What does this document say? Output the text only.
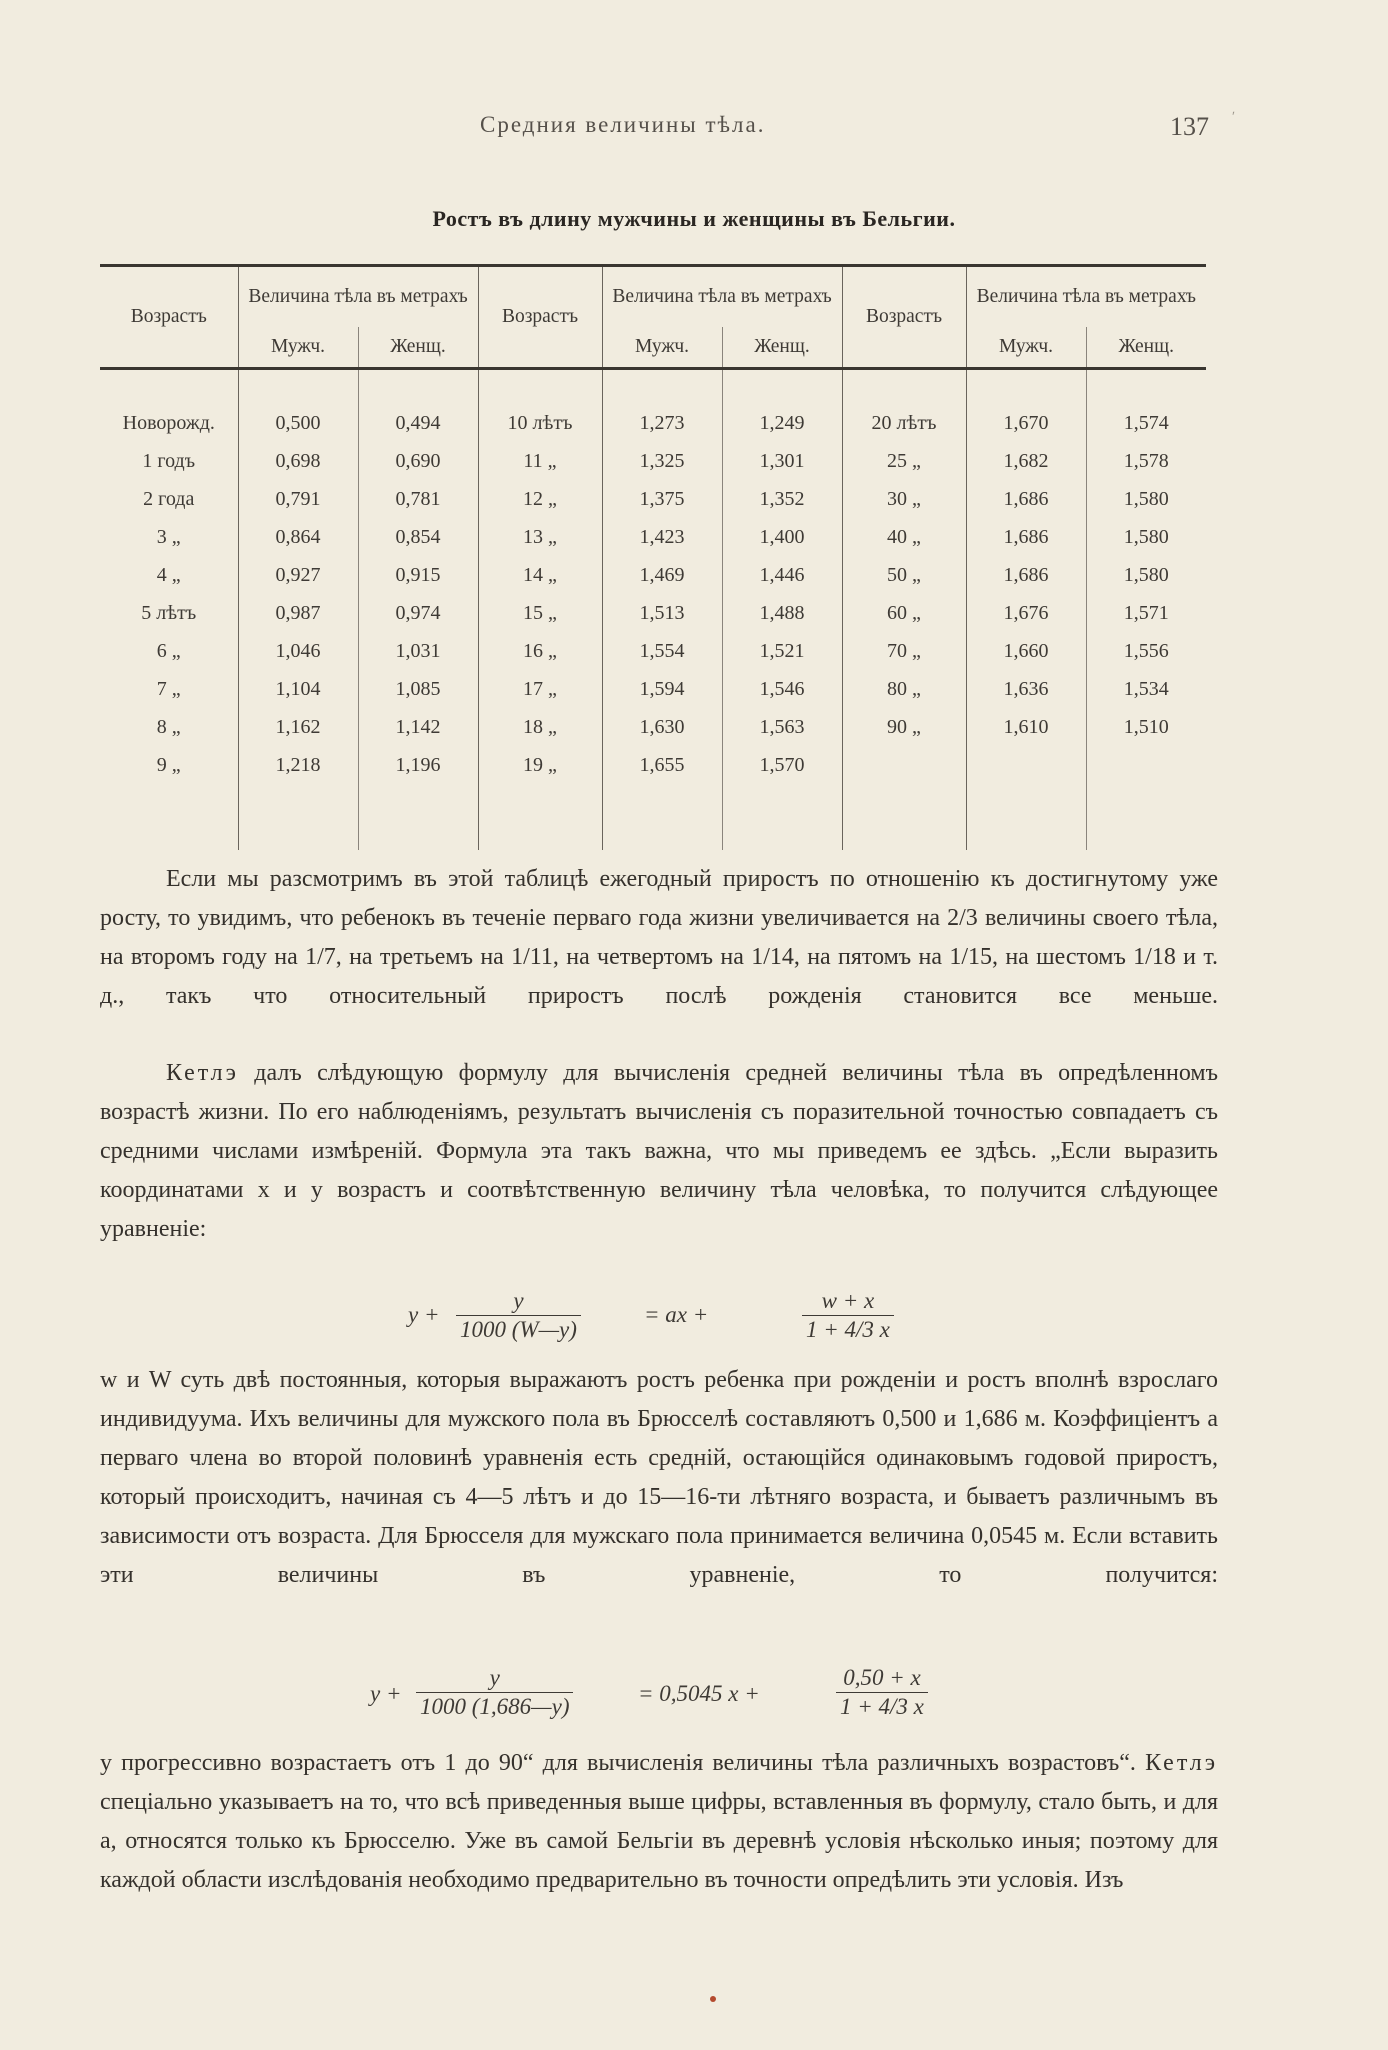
Средния величины тѣла.	137 ʹ
Ростъ въ длину мужчины и женщины въ Бельгии.
Возрастъ	Величина тѣла въ метрахъ		Возрастъ	Величина тѣла въ метрахъ		Возрастъ	Величина тѣла въ метрахъ	
	Мужч.	Женщ.		Мужч.	Женщ.		Мужч.	Женщ.
Новорожд.	0,500	0,494	10 лѣтъ	1,273	1,249	20 лѣтъ	1,670	1,574
1 годъ	0,698	0,690	11 „	1,325	1,301	25 „	1,682	1,578
2 года	0,791	0,781	12 „	1,375	1,352	30 „	1,686	1,580
3 „	0,864	0,854	13 „	1,423	1,400	40 „	1,686	1,580
4 „	0,927	0,915	14 „	1,469	1,446	50 „	1,686	1,580
5 лѣтъ	0,987	0,974	15 „	1,513	1,488	60 „	1,676	1,571
6 „	1,046	1,031	16 „	1,554	1,521	70 „	1,660	1,556
7 „	1,104	1,085	17 „	1,594	1,546	80 „	1,636	1,534
8 „	1,162	1,142	18 „	1,630	1,563	90 „	1,610	1,510
9 „	1,218	1,196	19 „	1,655	1,570			

Если мы разсмотримъ въ этой таблицѣ ежегодный приростъ по отношенію къ достигнутому уже росту, то увидимъ, что ребенокъ въ теченіе перваго года жизни увеличивается на 2/3 величины своего тѣла, на второмъ году на 1/7, на третьемъ на 1/11, на четвертомъ на 1/14, на пятомъ на 1/15, на шестомъ 1/18 и т. д., такъ что относительный приростъ послѣ рожденія становится все меньше.

Кетлэ далъ слѣдующую формулу для вычисленія средней величины тѣла въ опредѣленномъ возрастѣ жизни. По его наблюденіямъ, результатъ вычисленія съ поразительной точностью совпадаетъ съ средними числами измѣреній. Формула эта такъ важна, что мы приведемъ ее здѣсь. „Если выразить координатами x и y возрастъ и соотвѣтственную величину тѣла человѣка, то получится слѣдующее уравненіе:

$y + \frac{y}{1000 (W—y)}$	= ax +	$\frac{w + x}{1 + 4/3 x}$

w и W суть двѣ постоянныя, которыя выражаютъ ростъ ребенка при рожденіи и ростъ вполнѣ взрослаго индивидуума. Ихъ величины для мужского пола въ Брюсселѣ составляютъ 0,500 и 1,686 м. Коэффиціентъ a перваго члена во второй половинѣ уравненія есть средній, остающійся одинаковымъ годовой приростъ, который происходитъ, начиная съ 4—5 лѣтъ и до 15—16-ти лѣтняго возраста, и бываетъ различнымъ въ зависимости отъ возраста. Для Брюсселя для мужскаго пола принимается величина 0,0545 м. Если вставить эти величины въ уравненіе, то получится:

$y + \frac{y}{1000 (1,686—y)}$	= 0,5045 x +	$\frac{0,50 + x}{1 + 4/3 x}$

y прогрессивно возрастаетъ отъ 1 до 90“ для вычисленія величины тѣла различныхъ возрастовъ“. Кетлэ спеціально указываетъ на то, что всѣ приведенныя выше цифры, вставленныя въ формулу, стало быть, и для a, относятся только къ Брюсселю. Уже въ самой Бельгіи въ деревнѣ условія нѣсколько иныя; поэтому для каждой области изслѣдованія необходимо предварительно въ точности опредѣлить эти условія. Изъ
